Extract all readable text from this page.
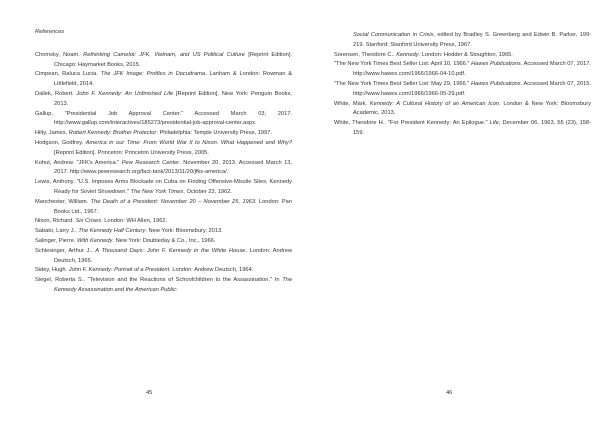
References

Chomsky, Noam. Rethinking Camelot: JFK, Vietnam, and US Political Culture [Reprint Edition]. Chicago: Haymarket Books, 2015.

Cimpean, Raluca Lucia. The JFK Image: Profiles in Docudrama. Lanham & London: Rowman & Littlefield, 2014.

Dallek, Robert. John F. Kennedy: An Unfinished Life [Reprint Edition]. New York: Penguin Books, 2013.

Gallup, "Presidential Job Approval Center." Accessed March 03, 2017. http://www.gallup.com/interactives/185273/presidential-job-approval-center.aspx.

Hilty, James. Robert Kennedy: Brother Protector. Philadelphia: Temple University Press, 1997.

Hodgson, Godfrey. America in our Time: From World War II to Nixon. What Happened and Why? [Reprint Edition]. Princeton: Princeton University Press, 2005.

Kohut, Andrew. "JFK's America." Pew Research Center. November 20, 2013. Accessed March 13, 2017. http://www.pewresearch.org/fact-tank/2013/11/20/jfks-america/.

Lewis, Anthony. "U.S. Imposes Arms Blockade on Cuba on Finding Offensive-Missile Sites; Kennedy Ready for Soviet Showdown." The New York Times, October 23, 1962.

Manchester, William. The Death of a President: November 20 – November 25, 1963. London: Pan Books Ltd., 1967.

Nixon, Richard. Six Crises. London: WH Allen, 1962.

Sabato, Larry J.. The Kennedy Half Century. New York: Bloomsbury, 2013.

Salinger, Pierre. With Kennedy. New York: Doubleday & Co., Inc., 1966.

Schlesinger, Arthur J.. A Thousand Days: John F. Kennedy in the White House. London: Andrew Deutsch, 1965.

Sidey, Hugh. John F. Kennedy: Portrait of a President. London: Andrew Deutsch, 1964.

Siegel, Roberta S.. "Television and the Reactions of Schoolchildren to the Assassination." In The Kennedy Assassination and the American Public:

45

Social Communication in Crisis, edited by Bradley S. Greenberg and Edwin B. Parker, 199-219. Stanford: Stanford University Press, 1967.

Sorensen, Theodore C.. Kennedy. London: Hodder & Stoughton, 1965.

"The New York Times Best Seller List: April 10, 1966." Hawes Publications. Accessed March 07, 2017. http://www.hawes.com/1966/1966-04-10.pdf.

"The New York Times Best Seller List: May 29, 1966." Hawes Publications. Accessed March 07, 2015. http://www.hawes.com/1966/1966-05-29.pdf.

White, Mark. Kennedy: A Cultural History of an American Icon. London & New York: Bloomsbury Academic, 2013.

White, Theodore H.. "For President Kennedy: An Epilogue." Life, December 06, 1963, 55 (23), 158-159.

46
